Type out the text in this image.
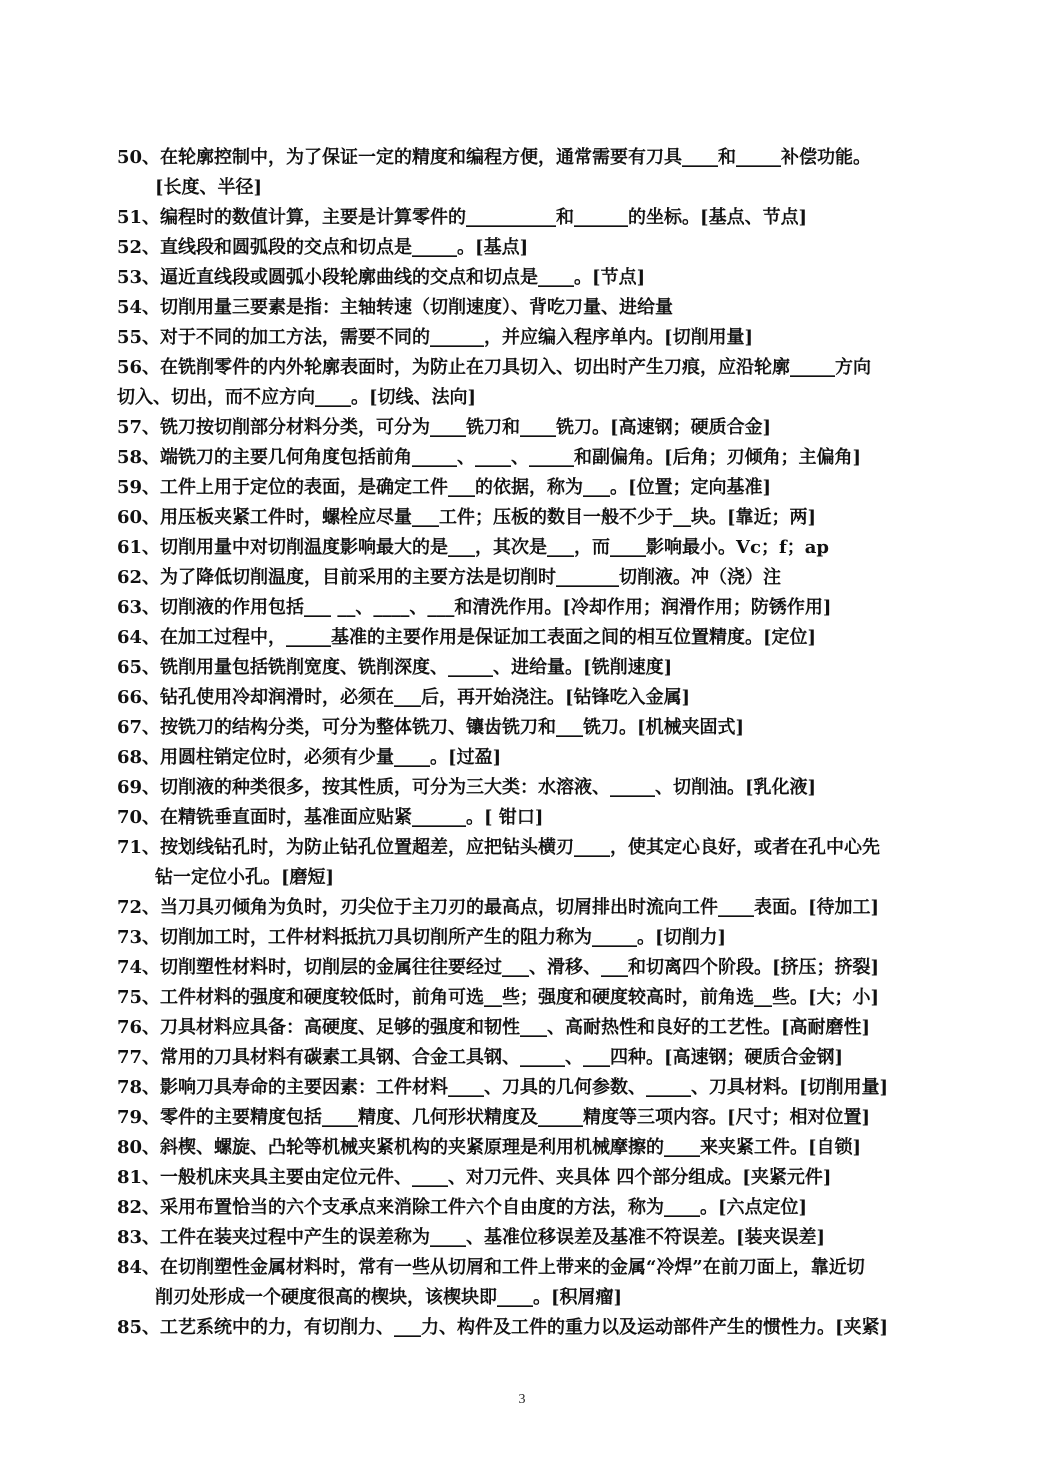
50、在轮廓控制中，为了保证一定的精度和编程方便，通常需要有刀具____和_____补偿功能。
[长度、半径]
51、编程时的数值计算，主要是计算零件的__________和______的坐标。[基点、节点]
52、直线段和圆弧段的交点和切点是_____。[基点]
53、逼近直线段或圆弧小段轮廓曲线的交点和切点是____。[节点]
54、切削用量三要素是指：主轴转速（切削速度）、背吃刀量、进给量
55、对于不同的加工方法，需要不同的______，并应编入程序单内。[切削用量]
56、在铣削零件的内外轮廓表面时，为防止在刀具切入、切出时产生刀痕，应沿轮廓_____方向
切入、切出，而不应方向____。[切线、法向]
57、铣刀按切削部分材料分类，可分为____铣刀和____铣刀。[高速钢；硬质合金]
58、端铣刀的主要几何角度包括前角_____、____、_____和副偏角。[后角；刃倾角；主偏角]
59、工件上用于定位的表面，是确定工件___的依据，称为___。[位置；定向基准]
60、用压板夹紧工件时，螺栓应尽量___工件；压板的数目一般不少于__块。[靠近；两]
61、切削用量中对切削温度影响最大的是___，其次是___，而____影响最小。Vc；f；ap
62、为了降低切削温度，目前采用的主要方法是切削时_______切削液。冲（浇）注
63、切削液的作用包括___ __、____、___和清洗作用。[冷却作用；润滑作用；防锈作用]
64、在加工过程中，_____基准的主要作用是保证加工表面之间的相互位置精度。[定位]
65、铣削用量包括铣削宽度、铣削深度、_____、进给量。[铣削速度]
66、钻孔使用冷却润滑时，必须在___后，再开始浇注。[钻锋吃入金属]
67、按铣刀的结构分类，可分为整体铣刀、镶齿铣刀和___铣刀。[机械夹固式]
68、用圆柱销定位时，必须有少量____。[过盈]
69、切削液的种类很多，按其性质，可分为三大类：水溶液、_____、切削油。[乳化液]
70、在精铣垂直面时，基准面应贴紧______。[ 钳口]
71、按划线钻孔时，为防止钻孔位置超差，应把钻头横刃____，使其定心良好，或者在孔中心先
钻一定位小孔。[磨短]
72、当刀具刃倾角为负时，刃尖位于主刀刃的最高点，切屑排出时流向工件____表面。[待加工]
73、切削加工时，工件材料抵抗刀具切削所产生的阻力称为_____。[切削力]
74、切削塑性材料时，切削层的金属往往要经过___、滑移、___和切离四个阶段。[挤压；挤裂]
75、工件材料的强度和硬度较低时，前角可选__些；强度和硬度较高时，前角选__些。[大；小]
76、刀具材料应具备：高硬度、足够的强度和韧性___、高耐热性和良好的工艺性。[高耐磨性]
77、常用的刀具材料有碳素工具钢、合金工具钢、_____、___四种。[高速钢；硬质合金钢]
78、影响刀具寿命的主要因素：工件材料____、刀具的几何参数、_____、刀具材料。[切削用量]
79、零件的主要精度包括____精度、几何形状精度及_____精度等三项内容。[尺寸；相对位置]
80、斜楔、螺旋、凸轮等机械夹紧机构的夹紧原理是利用机械摩擦的____来夹紧工件。[自锁]
81、一般机床夹具主要由定位元件、____、对刀元件、夹具体 四个部分组成。[夹紧元件]
82、采用布置恰当的六个支承点来消除工件六个自由度的方法，称为____。[六点定位]
83、工件在装夹过程中产生的误差称为____、基准位移误差及基准不符误差。[装夹误差]
84、在切削塑性金属材料时，常有一些从切屑和工件上带来的金属“冷焊”在前刀面上，靠近切
削刃处形成一个硬度很高的楔块，该楔块即____。[积屑瘤]
85、工艺系统中的力，有切削力、___力、构件及工件的重力以及运动部件产生的惯性力。[夹紧]
3
